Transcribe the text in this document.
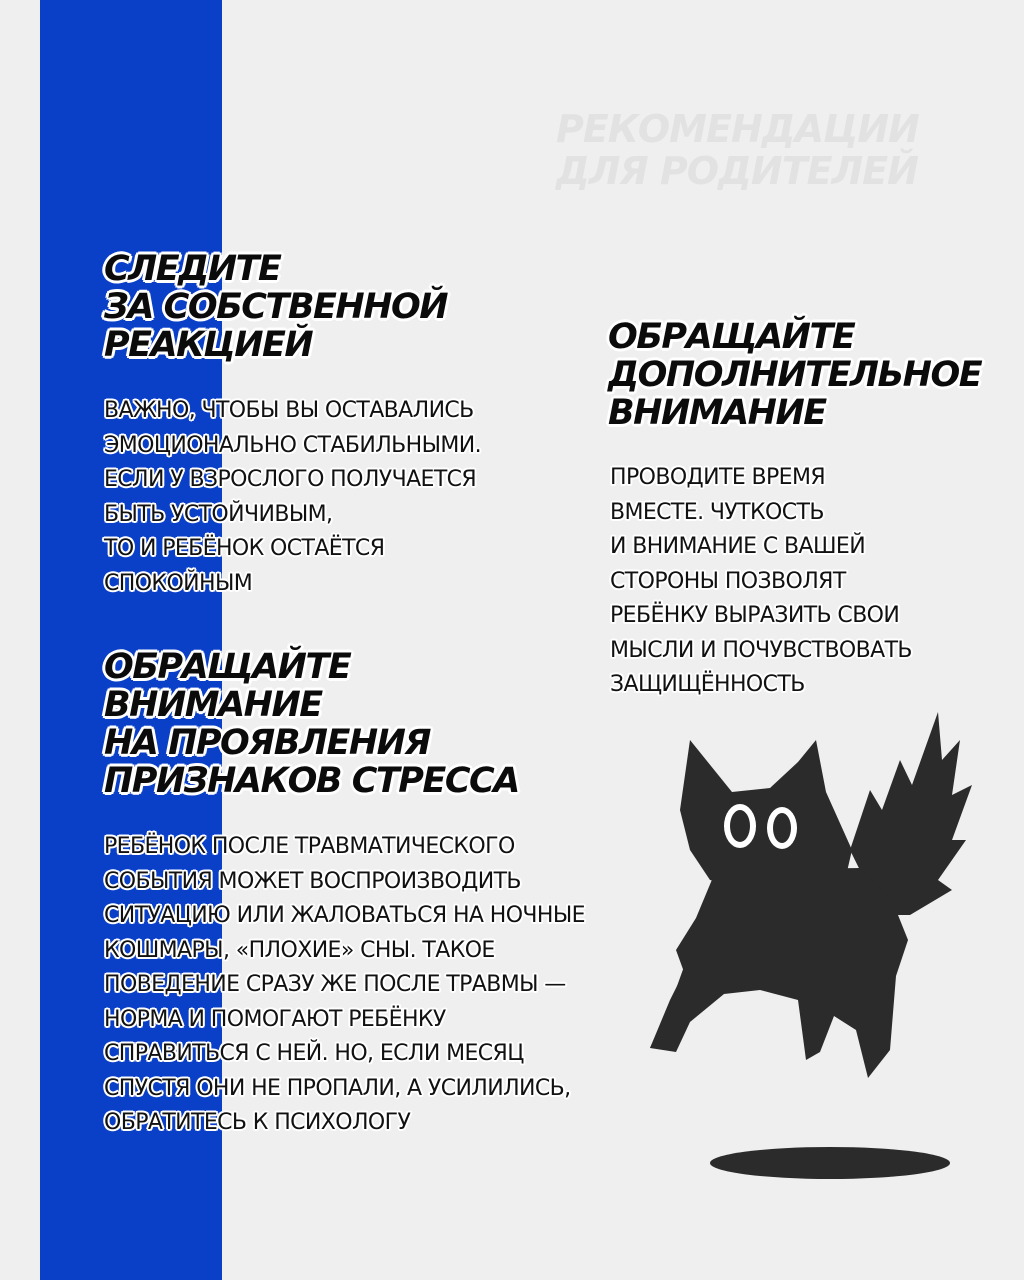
РЕКОМЕНДАЦИИ
ДЛЯ РОДИТЕЛЕЙ
СЛЕДИТЕ
ЗА СОБСТВЕННОЙ
РЕАКЦИЕЙ
ВАЖНО, ЧТОБЫ ВЫ ОСТАВАЛИСЬ
ЭМОЦИОНАЛЬНО СТАБИЛЬНЫМИ.
ЕСЛИ У ВЗРОСЛОГО ПОЛУЧАЕТСЯ
БЫТЬ УСТОЙЧИВЫМ,
ТО И РЕБЁНОК ОСТАЁТСЯ
СПОКОЙНЫМ
ОБРАЩАЙТЕ
ДОПОЛНИТЕЛЬНОЕ
ВНИМАНИЕ
ПРОВОДИТЕ ВРЕМЯ
ВМЕСТЕ. ЧУТКОСТЬ
И ВНИМАНИЕ С ВАШЕЙ
СТОРОНЫ ПОЗВОЛЯТ
РЕБЁНКУ ВЫРАЗИТЬ СВОИ
МЫСЛИ И ПОЧУВСТВОВАТЬ
ЗАЩИЩЁННОСТЬ
ОБРАЩАЙТЕ
ВНИМАНИЕ
НА ПРОЯВЛЕНИЯ
ПРИЗНАКОВ СТРЕССА
РЕБЁНОК ПОСЛЕ ТРАВМАТИЧЕСКОГО
СОБЫТИЯ МОЖЕТ ВОСПРОИЗВОДИТЬ
СИТУАЦИЮ ИЛИ ЖАЛОВАТЬСЯ НА НОЧНЫЕ
КОШМАРЫ, «ПЛОХИЕ» СНЫ. ТАКОЕ
ПОВЕДЕНИЕ СРАЗУ ЖЕ ПОСЛЕ ТРАВМЫ —
НОРМА И ПОМОГАЮТ РЕБЁНКУ
СПРАВИТЬСЯ С НЕЙ. НО, ЕСЛИ МЕСЯЦ
СПУСТЯ ОНИ НЕ ПРОПАЛИ, А УСИЛИЛИСЬ,
ОБРАТИТЕСЬ К ПСИХОЛОГУ
